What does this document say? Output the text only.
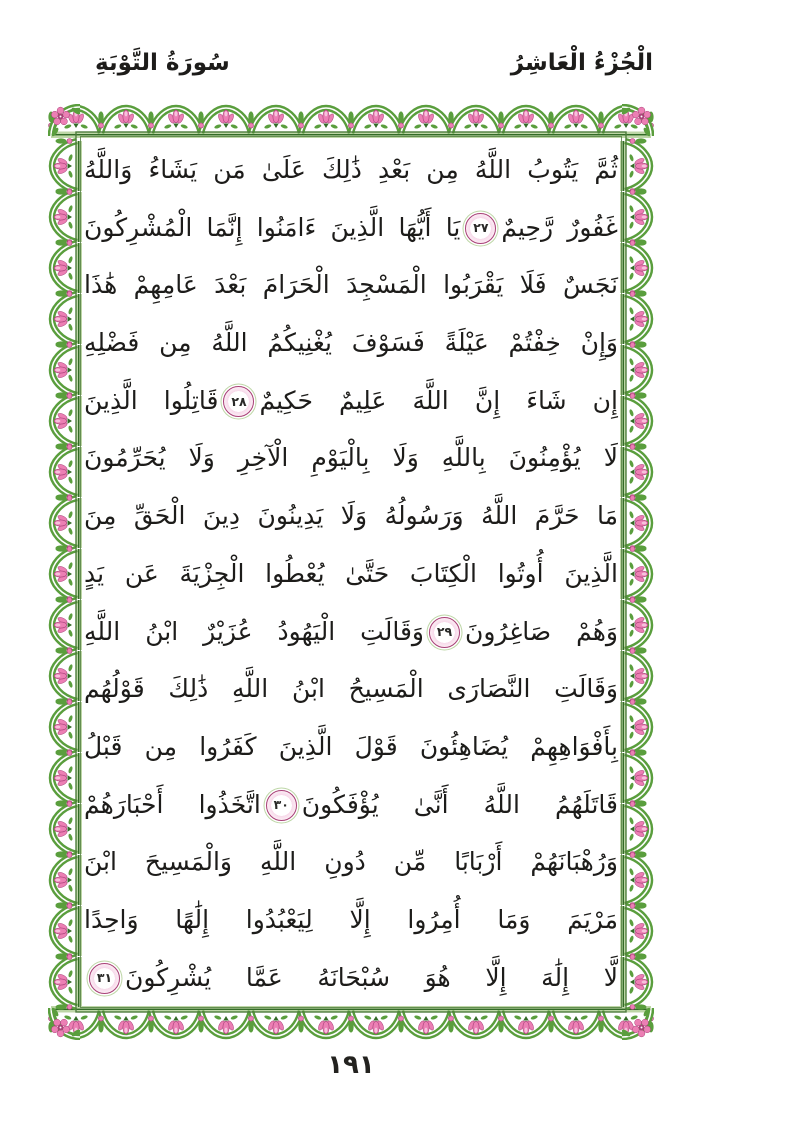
الْجُزْءُ الْعَاشِرُ
سُورَةُ التَّوْبَةِ
ثُمَّ يَتُوبُ اللَّهُ مِن بَعْدِ ذَٰلِكَ عَلَىٰ مَن يَشَاءُ وَاللَّهُ
غَفُورٌ رَّحِيمٌ
٢٧
يَا أَيُّهَا الَّذِينَ ءَامَنُوا إِنَّمَا الْمُشْرِكُونَ
نَجَسٌ فَلَا يَقْرَبُوا الْمَسْجِدَ الْحَرَامَ بَعْدَ عَامِهِمْ هَٰذَا
وَإِنْ خِفْتُمْ عَيْلَةً فَسَوْفَ يُغْنِيكُمُ اللَّهُ مِن فَضْلِهِ
إِن شَاءَ إِنَّ اللَّهَ عَلِيمٌ حَكِيمٌ
٢٨
قَاتِلُوا الَّذِينَ
لَا يُؤْمِنُونَ بِاللَّهِ وَلَا بِالْيَوْمِ الْآخِرِ وَلَا يُحَرِّمُونَ
مَا حَرَّمَ اللَّهُ وَرَسُولُهُ وَلَا يَدِينُونَ دِينَ الْحَقِّ مِنَ
الَّذِينَ أُوتُوا الْكِتَابَ حَتَّىٰ يُعْطُوا الْجِزْيَةَ عَن يَدٍ
وَهُمْ صَاغِرُونَ
٢٩
وَقَالَتِ الْيَهُودُ عُزَيْرٌ ابْنُ اللَّهِ
وَقَالَتِ النَّصَارَى الْمَسِيحُ ابْنُ اللَّهِ ذَٰلِكَ قَوْلُهُم
بِأَفْوَاهِهِمْ يُضَاهِئُونَ قَوْلَ الَّذِينَ كَفَرُوا مِن قَبْلُ
قَاتَلَهُمُ اللَّهُ أَنَّىٰ يُؤْفَكُونَ
٣٠
اتَّخَذُوا أَحْبَارَهُمْ
وَرُهْبَانَهُمْ أَرْبَابًا مِّن دُونِ اللَّهِ وَالْمَسِيحَ ابْنَ
مَرْيَمَ وَمَا أُمِرُوا إِلَّا لِيَعْبُدُوا إِلَٰهًا وَاحِدًا
لَّا إِلَٰهَ إِلَّا هُوَ سُبْحَانَهُ عَمَّا يُشْرِكُونَ
٣١
١٩١
